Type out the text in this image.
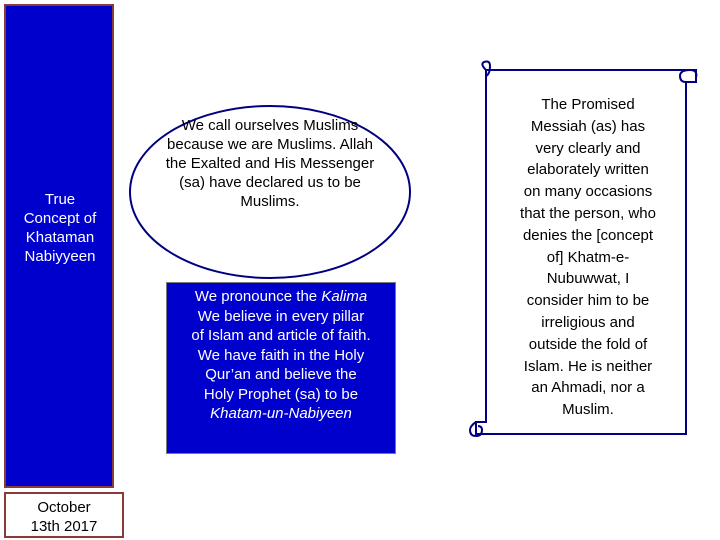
True
Concept of
Khataman
Nabiyyeen
October
13th 2017
We call ourselves Muslims
because we are Muslims. Allah
the Exalted and His Messenger
(sa) have declared us to be
Muslims.
We pronounce the Kalima
We believe in every pillar
of Islam and article of faith.
We have faith in the Holy
Qur’an and believe the
Holy Prophet (sa) to be
Khatam-un-Nabiyeen
The Promised
Messiah (as) has
very clearly and
elaborately written
on many occasions
that the person, who
denies the [concept
of] Khatm-e-
Nubuwwat, I
consider him to be
irreligious and
outside the fold of
Islam. He is neither
an Ahmadi, nor a
Muslim.
